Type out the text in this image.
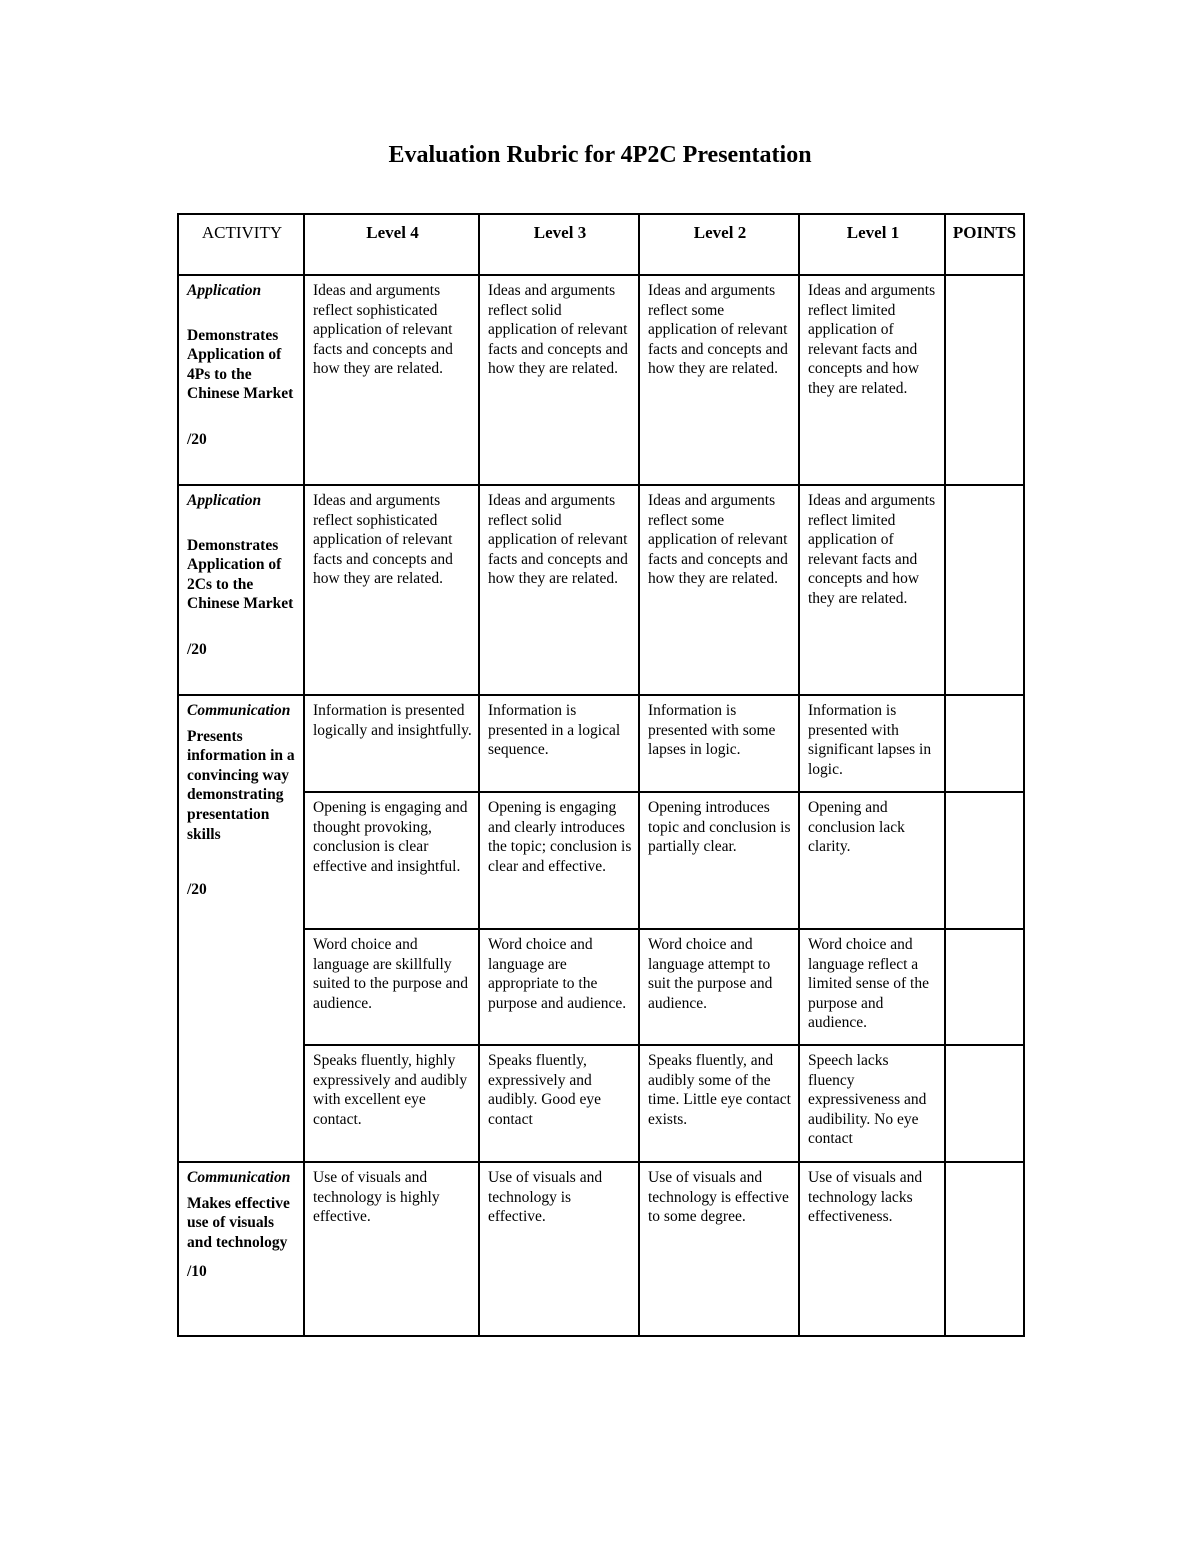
Evaluation Rubric for 4P2C Presentation
ACTIVITY	Level 4	Level 3	Level 2	Level 1	POINTS

Application
Demonstrates Application of 4Ps to the Chinese Market
/20	Ideas and arguments reflect sophisticated application of relevant facts and concepts and how they are related.	Ideas and arguments reflect solid application of relevant facts and concepts and how they are related.	Ideas and arguments reflect some application of relevant facts and concepts and how they are related.	Ideas and arguments reflect limited application of relevant facts and concepts and how they are related.	

Application
Demonstrates Application of 2Cs to the Chinese Market
/20	Ideas and arguments reflect sophisticated application of relevant facts and concepts and how they are related.	Ideas and arguments reflect solid application of relevant facts and concepts and how they are related.	Ideas and arguments reflect some application of relevant facts and concepts and how they are related.	Ideas and arguments reflect limited application of relevant facts and concepts and how they are related.	

Communication
Presents information in a convincing way demonstrating presentation skills
/20	Information is presented logically and insightfully.	Information is presented in a logical sequence.	Information is presented with some lapses in logic.	Information is presented with significant lapses in logic.	
	Opening is engaging and thought provoking, conclusion is clear effective and insightful.	Opening is engaging and clearly introduces the topic; conclusion is clear and effective.	Opening introduces topic and conclusion is partially clear.	Opening and conclusion lack clarity.	
	Word choice and language are skillfully suited to the purpose and audience.	Word choice and language are appropriate to the purpose and audience.	Word choice and language attempt to suit the purpose and audience.	Word choice and language reflect a limited sense of the purpose and audience.	
	Speaks fluently, highly expressively and audibly with excellent eye contact.	Speaks fluently, expressively and audibly. Good eye contact	Speaks fluently, and audibly some of the time. Little eye contact exists.	Speech lacks fluency expressiveness and audibility. No eye contact	

Communication
Makes effective use of visuals and technology
/10	Use of visuals and technology is highly effective.	Use of visuals and technology is effective.	Use of visuals and technology is effective to some degree.	Use of visuals and technology lacks effectiveness.	
